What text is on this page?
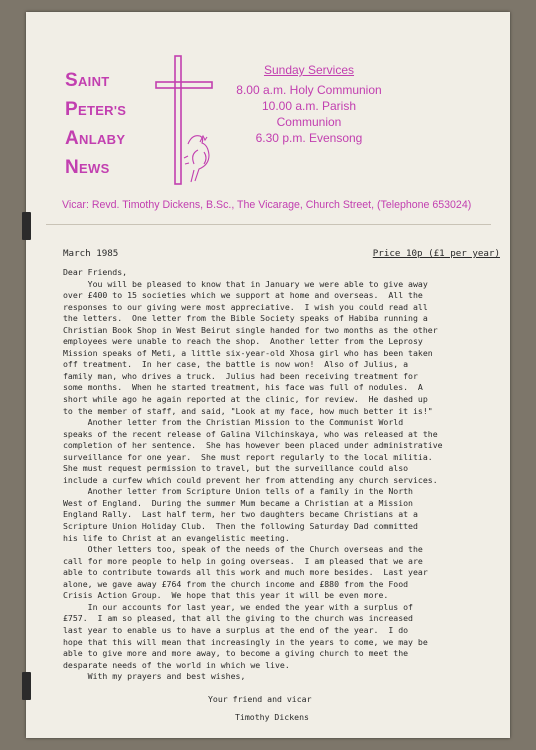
SAINT
PETER'S
ANLABY
NEWS
Sunday Services
8.00 a.m. Holy Communion
10.00 a.m. Parish Communion
6.30 p.m. Evensong
Vicar: Revd. Timothy Dickens, B.Sc., The Vicarage, Church Street, (Telephone 653024)
March 1985	Price 10p (£1 per year)
Dear Friends,
You will be pleased to know that in January we were able to give away
over £400 to 15 societies which we support at home and overseas.  All the
responses to our giving were most appreciative.  I wish you could read all
the letters.  One letter from the Bible Society speaks of Habiba running a
Christian Book Shop in West Beirut single handed for two months as the other
employees were unable to reach the shop.  Another letter from the Leprosy
Mission speaks of Meti, a little six-year-old Xhosa girl who has been taken
off treatment.  In her case, the battle is now won!  Also of Julius, a
family man, who drives a truck.  Julius had been receiving treatment for
some months.  When he started treatment, his face was full of nodules.  A
short while ago he again reported at the clinic, for review.  He dashed up
to the member of staff, and said, "Look at my face, how much better it is!"
Another letter from the Christian Mission to the Communist World
speaks of the recent release of Galina Vilchinskaya, who was released at the
completion of her sentence.  She has however been placed under administrative
surveillance for one year.  She must report regularly to the local militia.
She must request permission to travel, but the surveillance could also
include a curfew which could prevent her from attending any church services.
Another letter from Scripture Union tells of a family in the North
West of England.  During the summer Mum became a Christian at a Mission
England Rally.  Last half term, her two daughters became Christians at a
Scripture Union Holiday Club.  Then the following Saturday Dad committed
his life to Christ at an evangelistic meeting.
Other letters too, speak of the needs of the Church overseas and the
call for more people to help in going overseas.  I am pleased that we are
able to contribute towards all this work and much more besides.  Last year
alone, we gave away £764 from the church income and £880 from the Food
Crisis Action Group.  We hope that this year it will be even more.
In our accounts for last year, we ended the year with a surplus of
£757.  I am so pleased, that all the giving to the church was increased
last year to enable us to have a surplus at the end of the year.  I do
hope that this will mean that increasingly in the years to come, we may be
able to give more and more away, to become a giving church to meet the
desparate needs of the world in which we live.
With my prayers and best wishes,
Your friend and vicar
Timothy Dickens
